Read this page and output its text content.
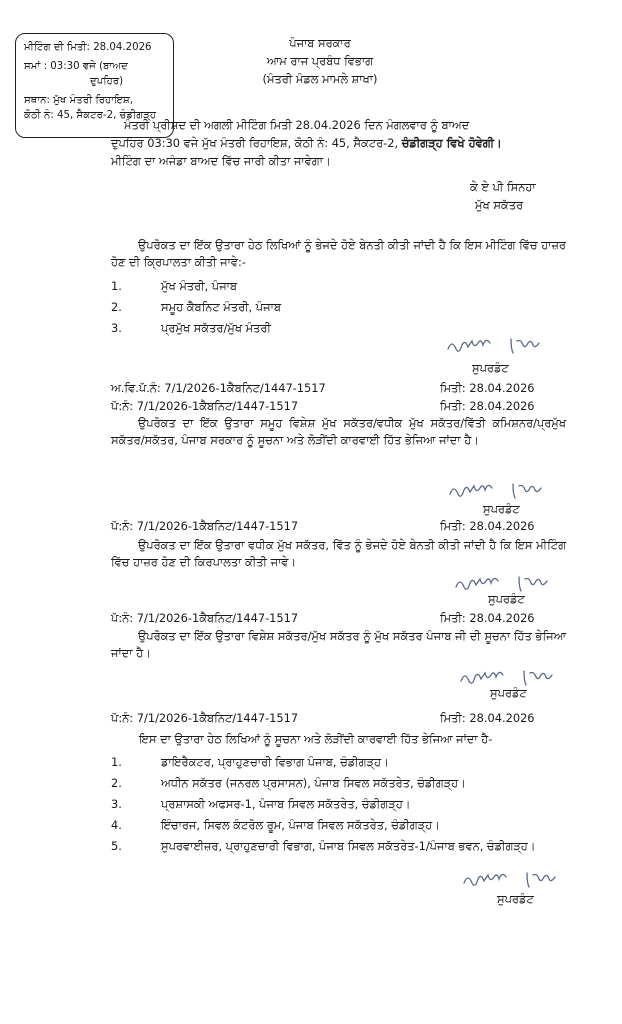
ਪੰਜਾਬ ਸਰਕਾਰ
ਆਮ ਰਾਜ ਪ੍ਰਬੰਧ ਵਿਭਾਗ
(ਮੰਤਰੀ ਮੰਡਲ ਮਾਮਲੇ ਸ਼ਾਖਾ)

ਮੀਟਿੰਗ ਦੀ ਮਿਤੀ: 28.04.2026

ਸਮਾਂ : 03:30 ਵਜੇ (ਬਾਅਦ

ਦੁਪਹਿਰ)

ਸਥਾਨ: ਮੁੱਖ ਮੰਤਰੀ ਰਿਹਾਇਸ਼,

ਕੋਠੀ ਨੰ: 45, ਸੈਕਟਰ-2, ਚੰਡੀਗੜ੍ਹ

ਮੰਤਰੀ ਪ੍ਰੀਸ਼ਦ ਦੀ ਅਗਲੀ ਮੀਟਿੰਗ ਮਿਤੀ 28.04.2026 ਦਿਨ ਮੰਗਲਵਾਰ ਨੂੰ ਬਾਅਦ
ਦੁਪਹਿਰ 03:30 ਵਜੇ ਮੁੱਖ ਮੰਤਰੀ ਰਿਹਾਇਸ਼, ਕੋਠੀ ਨੰ: 45, ਸੈਕਟਰ-2, ਚੰਡੀਗੜ੍ਹ ਵਿਖੇ ਹੋਵੇਗੀ।
ਮੀਟਿੰਗ ਦਾ ਅਜੰਡਾ ਬਾਅਦ ਵਿੱਚ ਜਾਰੀ ਕੀਤਾ ਜਾਵੇਗਾ।
ਕੇ ਏ ਪੀ ਸਿਨਹਾ
ਮੁੱਖ ਸਕੱਤਰ
ਉਪਰੋਕਤ ਦਾ ਇੱਕ ਉਤਾਰਾ ਹੇਠ ਲਿਖਿਆਂ ਨੂੰ ਭੇਜਦੇ ਹੋਏ ਬੇਨਤੀ ਕੀਤੀ ਜਾਂਦੀ ਹੈ ਕਿ ਇਸ ਮੀਟਿੰਗ ਵਿੱਚ ਹਾਜ਼ਰ ਹੋਣ ਦੀ ਕ੍ਰਿਪਾਲਤਾ ਕੀਤੀ ਜਾਵੇ:-
1.	ਮੁੱਖ ਮੰਤਰੀ, ਪੰਜਾਬ
2.	ਸਮੂਹ ਕੈਬਨਿਟ ਮੰਤਰੀ, ਪੰਜਾਬ
3.	ਪ੍ਰਮੁੱਖ ਸਕੱਤਰ/ਮੁੱਖ ਮੰਤਰੀ
ਸੁਪਰਡੰਟ
ਅ.ਵਿ.ਪੱ.ਨੰ: 7/1/2026-1ਕੈਬਨਿਟ/1447-1517	ਮਿਤੀ: 28.04.2026
ਪੱ:ਨੰ: 7/1/2026-1ਕੈਬਨਿਟ/1447-1517	ਮਿਤੀ: 28.04.2026
ਉਪਰੋਕਤ ਦਾ ਇੱਕ ਉਤਾਰਾ ਸਮੂਹ ਵਿਸ਼ੇਸ਼ ਮੁੱਖ ਸਕੱਤਰ/ਵਧੀਕ ਮੁੱਖ ਸਕੱਤਰ/ਵਿੱਤੀ ਕਮਿਸ਼ਨਰ/ਪ੍ਰਮੁੱਖ ਸਕੱਤਰ/ਸਕੱਤਰ, ਪੰਜਾਬ ਸਰਕਾਰ ਨੂੰ ਸੂਚਨਾ ਅਤੇ ਲੋੜੀਂਦੀ ਕਾਰਵਾਈ ਹਿੱਤ ਭੇਜਿਆ ਜਾਂਦਾ ਹੈ।
ਸੁਪਰਡੰਟ
ਪੱ:ਨੰ: 7/1/2026-1ਕੈਬਨਿਟ/1447-1517	ਮਿਤੀ: 28.04.2026
ਉਪਰੋਕਤ ਦਾ ਇੱਕ ਉਤਾਰਾ ਵਧੀਕ ਮੁੱਖ ਸਕੱਤਰ, ਵਿੱਤ ਨੂੰ ਭੇਜਦੇ ਹੋਏ ਬੇਨਤੀ ਕੀਤੀ ਜਾਂਦੀ ਹੈ ਕਿ ਇਸ ਮੀਟਿੰਗ ਵਿੱਚ ਹਾਜ਼ਰ ਹੋਣ ਦੀ ਕਿਰਪਾਲਤਾ ਕੀਤੀ ਜਾਵੇ।
ਸੁਪਰਡੰਟ
ਪੱ:ਨੰ: 7/1/2026-1ਕੈਬਨਿਟ/1447-1517	ਮਿਤੀ: 28.04.2026
ਉਪਰੋਕਤ ਦਾ ਇੱਕ ਉਤਾਰਾ ਵਿਸ਼ੇਸ਼ ਸਕੱਤਰ/ਮੁੱਖ ਸਕੱਤਰ ਨੂੰ ਮੁੱਖ ਸਕੱਤਰ ਪੰਜਾਬ ਜੀ ਦੀ ਸੂਚਨਾ ਹਿੱਤ ਭੇਜਿਆ ਜਾਂਦਾ ਹੈ।
ਸੁਪਰਡੰਟ
ਪੱ:ਨੰ: 7/1/2026-1ਕੈਬਨਿਟ/1447-1517	ਮਿਤੀ: 28.04.2026
ਇਸ ਦਾ ਉਤਾਰਾ ਹੇਠ ਲਿਖਿਆਂ ਨੂੰ ਸੂਚਨਾ ਅਤੇ ਲੋੜੀਂਦੀ ਕਾਰਵਾਈ ਹਿੱਤ ਭੇਜਿਆ ਜਾਂਦਾ ਹੈ-
1.	ਡਾਇਰੈਕਟਰ, ਪ੍ਰਾਹੁਣਚਾਰੀ ਵਿਭਾਗ ਪੰਜਾਬ, ਚੰਡੀਗੜ੍ਹ।
2.	ਅਧੀਨ ਸਕੱਤਰ (ਜਨਰਲ ਪ੍ਰਸਾਸਨ), ਪੰਜਾਬ ਸਿਵਲ ਸਕੱਤਰੇਤ, ਚੰਡੀਗੜ੍ਹ।
3.	ਪ੍ਰਸ਼ਾਸਕੀ ਅਫਸਰ-1, ਪੰਜਾਬ ਸਿਵਲ ਸਕੱਤਰੇਤ, ਚੰਡੀਗੜ੍ਹ।
4.	ਇੰਚਾਰਜ, ਸਿਵਲ ਕੰਟਰੋਲ ਰੂਮ, ਪੰਜਾਬ ਸਿਵਲ ਸਕੱਤਰੇਤ, ਚੰਡੀਗੜ੍ਹ।
5.	ਸੁਪਰਵਾਈਜ਼ਰ, ਪ੍ਰਾਹੁਣਚਾਰੀ ਵਿਭਾਗ, ਪੰਜਾਬ ਸਿਵਲ ਸਕੱਤਰੇਤ-1/ਪੰਜਾਬ ਭਵਨ, ਚੰਡੀਗੜ੍ਹ।
ਸੁਪਰਡੰਟ
